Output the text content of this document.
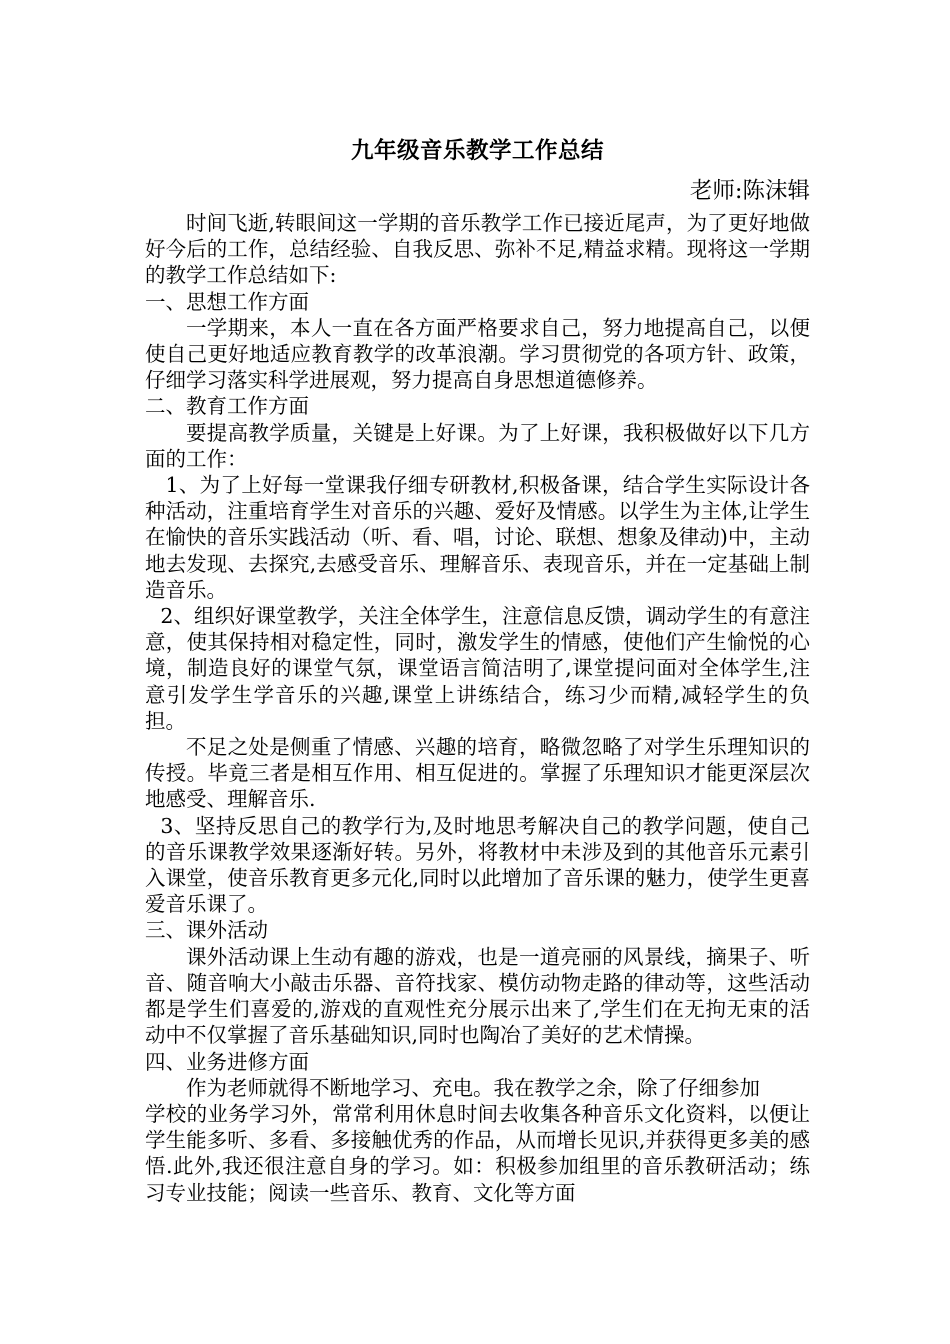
九年级音乐教学工作总结
老师:陈沫辑

时间飞逝,转眼间这一学期的音乐教学工作已接近尾声，为了更好地做好今后的工作，总结经验、自我反思、弥补不足,精益求精。现将这一学期的教学工作总结如下:

一、思想工作方面

一学期来，本人一直在各方面严格要求自己，努力地提高自己，以便使自己更好地适应教育教学的改革浪潮。学习贯彻党的各项方针、政策，仔细学习落实科学进展观，努力提高自身思想道德修养。

二、教育工作方面

要提高教学质量，关键是上好课。为了上好课，我积极做好以下几方面的工作：

1、为了上好每一堂课我仔细专研教材,积极备课，结合学生实际设计各种活动，注重培育学生对音乐的兴趣、爱好及情感。以学生为主体,让学生在愉快的音乐实践活动（听、看、唱，讨论、联想、想象及律动)中，主动地去发现、去探究,去感受音乐、理解音乐、表现音乐，并在一定基础上制造音乐。

2、组织好课堂教学，关注全体学生，注意信息反馈，调动学生的有意注意，使其保持相对稳定性，同时，激发学生的情感，使他们产生愉悦的心境，制造良好的课堂气氛，课堂语言简洁明了,课堂提问面对全体学生,注意引发学生学音乐的兴趣,课堂上讲练结合，练习少而精,减轻学生的负担。

不足之处是侧重了情感、兴趣的培育，略微忽略了对学生乐理知识的传授。毕竟三者是相互作用、相互促进的。掌握了乐理知识才能更深层次地感受、理解音乐.

3、坚持反思自己的教学行为,及时地思考解决自己的教学问题，使自己的音乐课教学效果逐渐好转。另外，将教材中未涉及到的其他音乐元素引入课堂，使音乐教育更多元化,同时以此增加了音乐课的魅力，使学生更喜爱音乐课了。

三、课外活动

课外活动课上生动有趣的游戏，也是一道亮丽的风景线，摘果子、听音、随音响大小敲击乐器、音符找家、模仿动物走路的律动等，这些活动都是学生们喜爱的,游戏的直观性充分展示出来了,学生们在无拘无束的活动中不仅掌握了音乐基础知识,同时也陶冶了美好的艺术情操。

四、业务进修方面

作为老师就得不断地学习、充电。我在教学之余，除了仔细参加

学校的业务学习外，常常利用休息时间去收集各种音乐文化资料，以便让学生能多听、多看、多接触优秀的作品，从而增长见识,并获得更多美的感悟.此外,我还很注意自身的学习。如：积极参加组里的音乐教研活动；练习专业技能；阅读一些音乐、教育、文化等方面
